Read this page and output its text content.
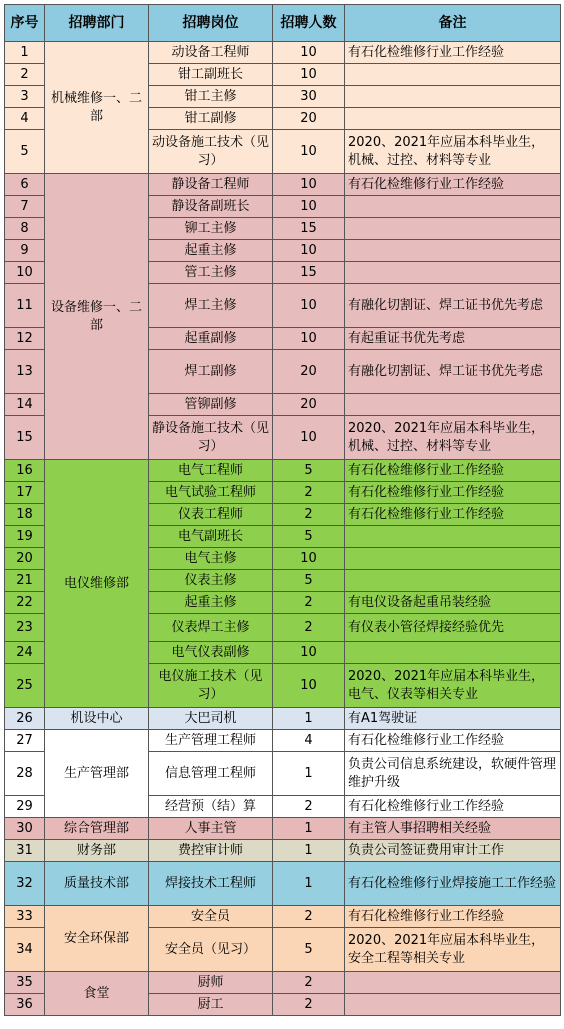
序号	招聘部门	招聘岗位	招聘人数	备注
1	机械维修一、二部	动设备工程师	10	有石化检维修行业工作经验
2		钳工副班长	10	
3		钳工主修	30	
4		钳工副修	20	
5		动设备施工技术（见习）	10	2020、2021年应届本科毕业生，机械、过控、材料等专业
6	设备维修一、二部	静设备工程师	10	有石化检维修行业工作经验
7		静设备副班长	10	
8		铆工主修	15	
9		起重主修	10	
10		管工主修	15	
11		焊工主修	10	有融化切割证、焊工证书优先考虑
12		起重副修	10	有起重证书优先考虑
13		焊工副修	20	有融化切割证、焊工证书优先考虑
14		管铆副修	20	
15		静设备施工技术（见习）	10	2020、2021年应届本科毕业生，机械、过控、材料等专业
16	电仪维修部	电气工程师	5	有石化检维修行业工作经验
17		电气试验工程师	2	有石化检维修行业工作经验
18		仪表工程师	2	有石化检维修行业工作经验
19		电气副班长	5	
20		电气主修	10	
21		仪表主修	5	
22		起重主修	2	有电仪设备起重吊装经验
23		仪表焊工主修	2	有仪表小管径焊接经验优先
24		电气仪表副修	10	
25		电仪施工技术（见习）	10	2020、2021年应届本科毕业生，电气、仪表等相关专业
26	机设中心	大巴司机	1	有A1驾驶证
27	生产管理部	生产管理工程师	4	有石化检维修行业工作经验
28		信息管理工程师	1	负责公司信息系统建设，软硬件管理维护升级
29		经营预（结）算	2	有石化检维修行业工作经验
30	综合管理部	人事主管	1	有主管人事招聘相关经验
31	财务部	费控审计师	1	负责公司签证费用审计工作
32	质量技术部	焊接技术工程师	1	有石化检维修行业焊接施工工作经验
33	安全环保部	安全员	2	有石化检维修行业工作经验
34		安全员（见习）	5	2020、2021年应届本科毕业生，安全工程等相关专业
35	食堂	厨师	2	
36		厨工	2	
